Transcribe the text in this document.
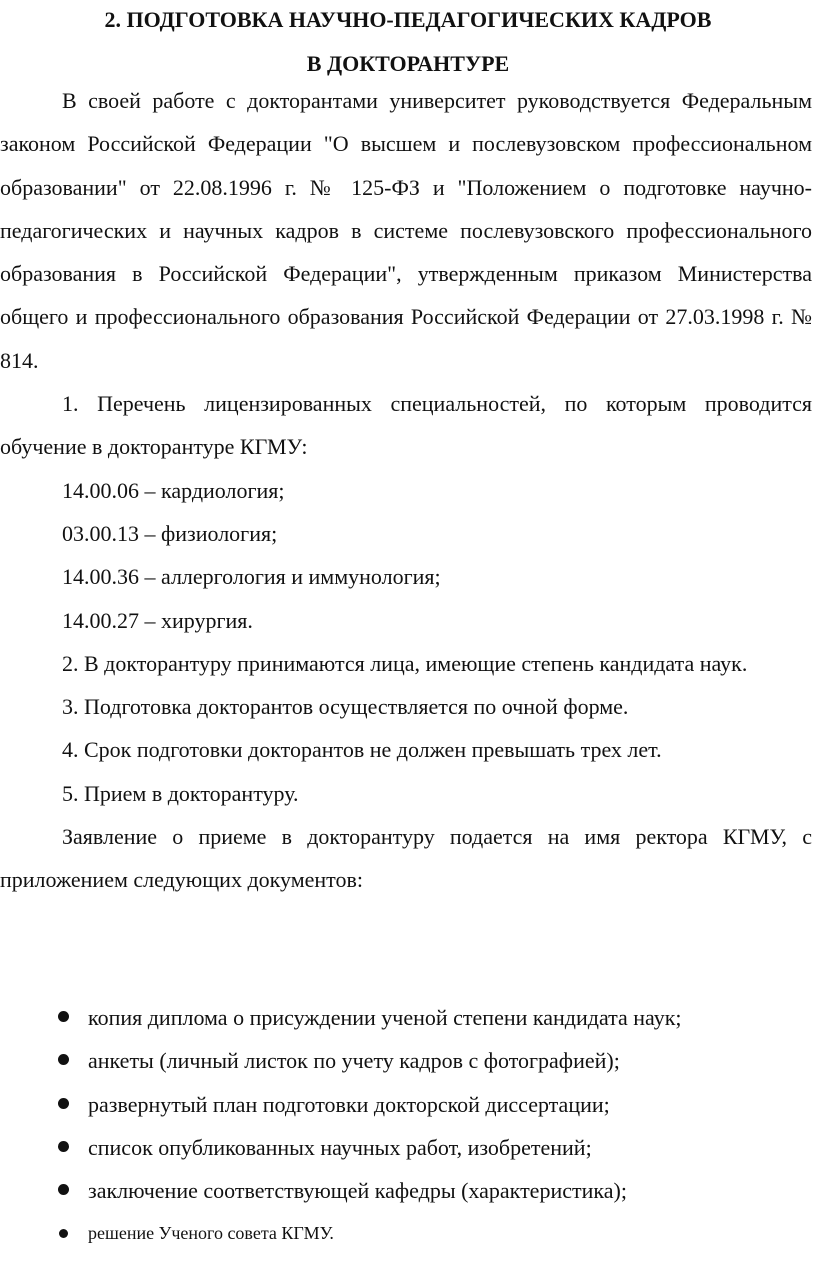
2. ПОДГОТОВКА НАУЧНО-ПЕДАГОГИЧЕСКИХ КАДРОВ
В ДОКТОРАНТУРЕ

В своей работе с докторантами университет руководствуется Федеральным законом Российской Федерации "О высшем и послевузовском профессиональном образовании" от 22.08.1996 г. № 125-ФЗ и "Положением о подготовке научно-педагогических и научных кадров в системе послевузовского профессионального образования в Российской Федерации", утвержденным приказом Министерства общего и профессионального образования Российской Федерации от 27.03.1998 г. № 814.

1. Перечень лицензированных специальностей, по которым проводится обучение в докторантуре КГМУ:

14.00.06 – кардиология;
03.00.13 – физиология;
14.00.36 – аллергология и иммунология;
14.00.27 – хирургия.

2. В докторантуру принимаются лица, имеющие степень кандидата наук.

3. Подготовка докторантов осуществляется по очной форме.
4. Срок подготовки докторантов не должен превышать трех лет.
5. Прием в докторантуру.

Заявление о приеме в докторантуру подается на имя ректора КГМУ, с приложением следующих документов:

копия диплома о присуждении ученой степени кандидата наук;
анкеты (личный листок по учету кадров с фотографией);
развернутый план подготовки докторской диссертации;
список опубликованных научных работ, изобретений;
заключение соответствующей кафедры (характеристика);
решение Ученого совета КГМУ.
